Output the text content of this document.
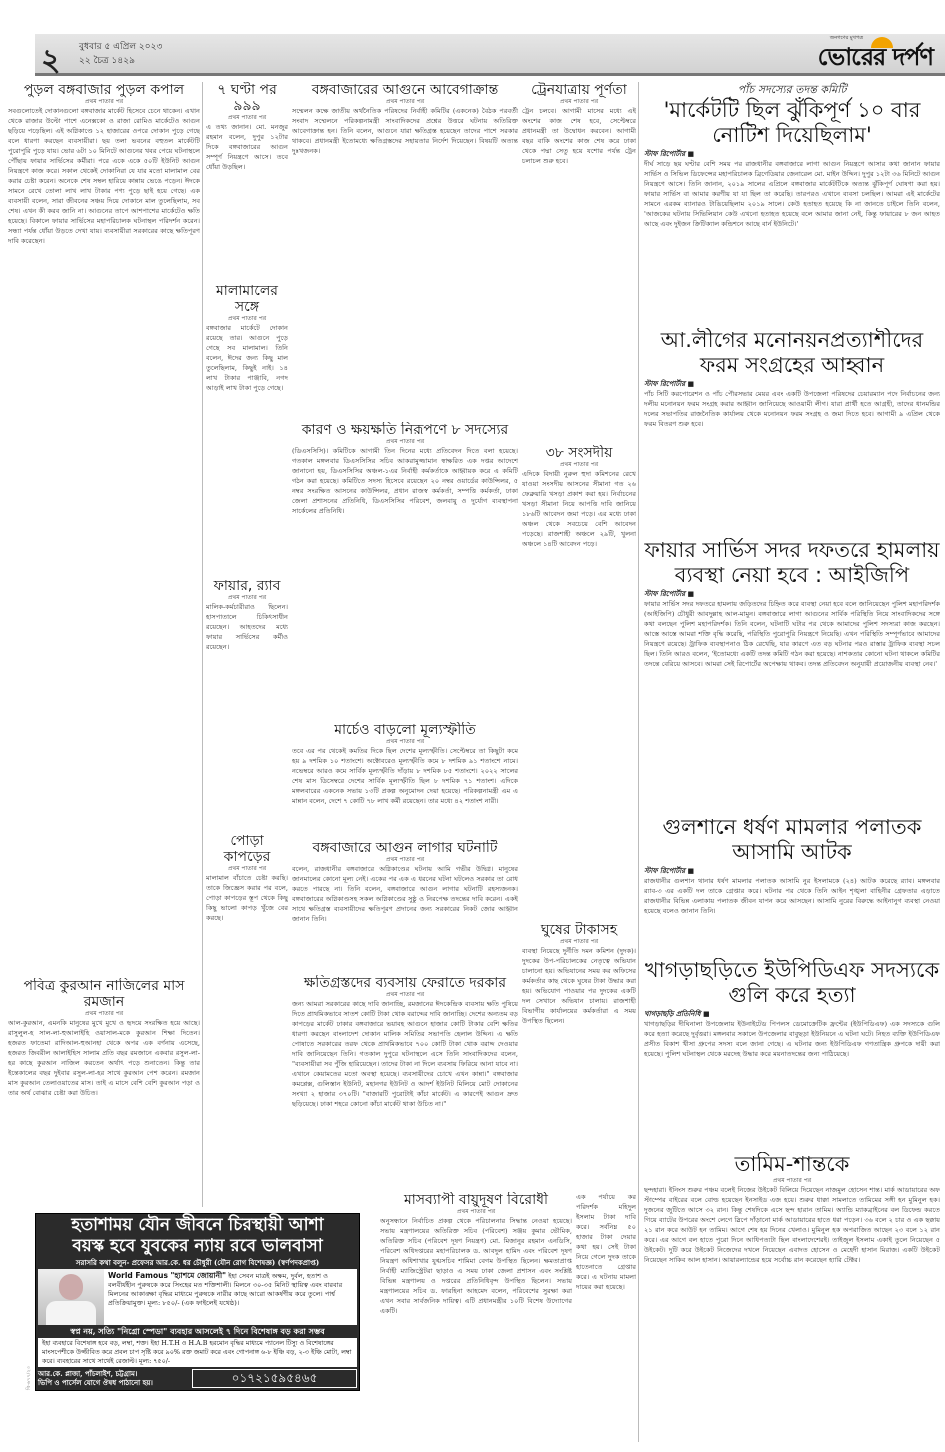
২ বুধবার ৫ এপ্রিল ২০২৩
২২ চৈত্র ১৪২৯
জনগণের মুখপত্র
ভোরের দর্পণ
পুড়ল বঙ্গবাজার পুড়ল কপাল
প্রথম পাতার পর

সবগুলোতেই দোকানগুলো বঙ্গবাজার মার্কেট হিসেবে চেনে থাকেন। এখান থেকে রাজার উল্টো পাশে এনেক্সকো ও রাজা রোমিও মার্কেটেও আগুন ছড়িয়ে পড়েছিল। এই অগ্নিকাণ্ডে ১২ হাজারের ওপরে দোকান পুড়ে গেছে বলে ধারণা করছেন ব্যবসায়ীরা। ছয় তলা ভবনের বহুতল মার্কেটটি পুরোপুরি পুড়ে যায়। ভোর ৬টা ১০ মিনিটে আগুনের খবর পেয়ে ঘটনাস্থলে পৌঁছায় ফায়ার সার্ভিসের কর্মীরা। পরে একে একে ৫০টি ইউনিট আগুন নিয়ন্ত্রণে কাজ করে। সকাল থেকেই দোকানিরা যে যার মতো মালামাল বের করার চেষ্টা করেন। অনেকে শেষ সম্বল হারিয়ে কান্নায় ভেঙে পড়েন। ঈদকে সামনে রেখে তোলা লাখ লাখ টাকার পণ্য পুড়ে ছাই হয়ে গেছে। এক ব্যবসায়ী বলেন, সারা জীবনের সঞ্চয় দিয়ে দোকানে মাল তুলেছিলাম, সব শেষ। এখন কী করব জানি না। আগুনের তাপে আশপাশের মার্কেটেও ক্ষতি হয়েছে। বিকালে ফায়ার সার্ভিসের মহাপরিচালক ঘটনাস্থল পরিদর্শন করেন। সন্ধ্যা পর্যন্ত ধোঁয়া উড়তে দেখা যায়। ব্যবসায়ীরা সরকারের কাছে ক্ষতিপূরণ দাবি করেছেন।

পবিত্র কুরআন নাজিলের মাস রমজান
প্রথম পাতার পর

আল-কুরআন, এমনকি মানুষের মুখে মুখে ও হৃদয়ে সংরক্ষিত হয়ে আছে। রাসুলুল-হ সাল-লা-হুআলাইহি ওয়াসাল-মকে কুরআন শিক্ষা দিতেন। হজরত ফাতেমা রাদিআল-হুআনহা থেকে অপর এক বর্ণনায় এসেছে, হজরত জিবরীল আলাইহিস সালাম প্রতি বছর রমজানে একবার রসুল-লা-হর কাছে কুরআন নাজিল করতেন অর্থাৎ পড়ে শুনাতেন। কিন্তু তার ইন্তেকালের বছর দুইবার রসুল-লা-হর সাথে কুরআন পেশ করেন। রমজান মাস কুরআন তেলাওয়াতের মাস। তাই এ মাসে বেশি বেশি কুরআন পড়া ও তার অর্থ বোঝার চেষ্টা করা উচিত।

৭ ঘণ্টা পর ৯৯৯
প্রথম পাতার পর

এ তথ্য জানান। মো. মনজুর রহমান বলেন, দুপুর ১২টার দিকে বঙ্গবাজারের আগুন সম্পূর্ণ নিয়ন্ত্রণে আসে। তবে ধোঁয়া উড়ছিল।

মালামালের সঙ্গে
প্রথম পাতার পর

বঙ্গবাজার মার্কেটে দোকান রয়েছে তার। আগুনে পুড়ে গেছে সব মালামাল। তিনি বলেন, ঈদের জন্য কিছু মাল তুলেছিলাম, কিছুই নাই। ১৪ লাখ টাকার পাঞ্জাবি, নগদ আড়াই লাখ টাকা পুড়ে গেছে।

ফায়ার, র‍্যাব
প্রথম পাতার পর

মালিক-কর্মচারীরাও ছিলেন। হাসপাতালে চিকিৎসাধীন রয়েছেন। আহতদের মধ্যে ফায়ার সার্ভিসের কর্মীও রয়েছেন।

পোড়া কাপড়ের
প্রথম পাতার পর

মালামাল বাঁচাতে চেষ্টা করছি। তাকে জিজ্ঞেস করার পর বলে, পোড়া কাপড়ের স্তূপ থেকে কিছু কিছু ভালো কাপড় খুঁজে বের করছে।

বঙ্গবাজারের আগুনে আবেগাক্রান্ত
প্রথম পাতার পর

সম্মেলন কক্ষে জাতীয় অর্থনৈতিক পরিষদের নির্বাহী কমিটির (একনেক) বৈঠক পরবর্তী সংবাদ সম্মেলনে পরিকল্পনামন্ত্রী সাংবাদিকদের প্রশ্নের উত্তরে ঘটনায় অতিরিক্ত আবেগাক্রান্ত হন। তিনি বলেন, আগুনে যারা ক্ষতিগ্রস্ত হয়েছেন তাদের পাশে সরকার থাকবে। প্রধানমন্ত্রী ইতোমধ্যে ক্ষতিগ্রস্তদের সহায়তার নির্দেশ দিয়েছেন। বিষয়টি অত্যন্ত দুঃখজনক।

ট্রেনযাত্রায় পূর্ণতা
প্রথম পাতার পর

ট্রেন চলবে। আগামী মাসের মধ্যে এই অংশের কাজ শেষ হবে, সেপ্টেম্বরে প্রধানমন্ত্রী তা উদ্বোধন করবেন। আগামী বছর বাকি অংশের কাজ শেষ করে ঢাকা থেকে পদ্মা সেতু হয়ে যশোর পর্যন্ত ট্রেন চলাচল শুরু হবে।

কারণ ও ক্ষয়ক্ষতি নিরূপণে ৮ সদস্যের
প্রথম পাতার পর

(ডিএসসিসি)। কমিটিকে আগামী তিন দিনের মধ্যে প্রতিবেদন দিতে বলা হয়েছে। গতকাল মঙ্গলবার ডিএসসিসির সচিব আকরামুজ্জামান স্বাক্ষরিত এক দপ্তর আদেশে জানানো হয়, ডিএসসিসির অঞ্চল-১এর নির্বাহী কর্মকর্তাকে আহ্বায়ক করে এ কমিটি গঠন করা হয়েছে। কমিটিতে সদস্য হিসেবে রয়েছেন ২০ নম্বর ওয়ার্ডের কাউন্সিলর, ৫ নম্বর সংরক্ষিত আসনের কাউন্সিলর, প্রধান রাজস্ব কর্মকর্তা, সম্পত্তি কর্মকর্তা, ঢাকা জেলা প্রশাসনের প্রতিনিধি, ডিএসসিসির পরিবেশ, জলবায়ু ও দুর্যোগ ব্যবস্থাপনা সার্কেলের প্রতিনিধি।

৩৮ সংসদীয়
প্রথম পাতার পর

এদিকে বিদায়ী নুরুল হুদা কমিশনের রেখে যাওয়া সংসদীয় আসনের সীমানা গত ২৬ ফেব্রুয়ারি খসড়া প্রকাশ করা হয়। নির্বাচনের খসড়া সীমানা নিয়ে আপত্তি দাবি জানিয়ে ১৮৬টি আবেদন জমা পড়ে। এর মধ্যে ঢাকা অঞ্চল থেকে সবচেয়ে বেশি আবেদন পড়েছে। রাজশাহী অঞ্চলে ২৯টি, খুলনা অঞ্চলে ১৪টি আবেদন পড়ে।

মার্চেও বাড়লো মূল্যস্ফীতি
প্রথম পাতার পর

তবে এর পর থেকেই কমতির দিকে ছিল দেশের মূল্যস্ফীতি। সেপ্টেম্বরে তা কিছুটা কমে হয় ৯ দশমিক ১০ শতাংশে। অক্টোবরেও মূল্যস্ফীতি কমে ৮ দশমিক ৯১ শতাংশে নামে। নভেম্বরে আরও কমে সার্বিক মূল্যস্ফীতি দাঁড়ায় ৮ দশমিক ৮৫ শতাংশে। ২০২২ সালের শেষ মাস ডিসেম্বরে দেশের সার্বিক মূল্যস্ফীতি ছিল ৮ দশমিক ৭১ শতাংশ। এদিকে মঙ্গলবারের একনেক সভায় ১৩টি প্রকল্প অনুমোদন দেয়া হয়েছে। পরিকল্পনামন্ত্রী এম এ মান্নান বলেন, দেশে ৭ কোটি ৭৮ লাখ কর্মী রয়েছেন। তার মধ্যে ৪২ শতাংশ নারী।

বঙ্গবাজারে আগুন লাগার ঘটনাটি
প্রথম পাতার পর

বলেন, রাজধানীর বঙ্গবাজারে অগ্নিকাণ্ডের ঘটনায় আমি গভীর উদ্বিগ্ন। মানুষের জানমালের কোনো মূল্য নেই। একের পর এক এ ধরনের ঘটনা ঘটলেও সরকার তা রোধ করতে পারছে না। তিনি বলেন, বঙ্গবাজারে আগুন লাগার ঘটনাটি রহস্যজনক। বঙ্গবাজারের অগ্নিকাণ্ডসহ সকল অগ্নিকাণ্ডের সুষ্ঠু ও নিরপেক্ষ তদন্তের দাবি করেন। একই সাথে ক্ষতিগ্রস্ত ব্যবসায়ীদের ক্ষতিপূরণ প্রদানের জন্য সরকারের নিকট জোর আহ্বান জানান তিনি।

ঘুষের টাকাসহ
প্রথম পাতার পর

ব্যবস্থা নিয়েছে দুর্নীতি দমন কমিশন (দুদক)। দুদকের উপ-পরিচালকের নেতৃত্বে অভিযান চালানো হয়। অভিযানের সময় কর অফিসের কর্মকর্তার কাছ থেকে ঘুষের টাকা উদ্ধার করা হয়। অভিযোগ পাওয়ার পর দুদকের একটি দল সেখানে অভিযান চালায়। রাজশাহী বিভাগীয় কার্যালয়ের কর্মকর্তারা এ সময় উপস্থিত ছিলেন।

এক পর্যায়ে কর পরিদর্শক মহিদুল ইসলাম টাকা দাবি করে। সর্বনিম্ন ৫০ হাজার টাকা দেয়ার কথা হয়। সেই টাকা নিয়ে গেলে দুদক তাকে হাতেনাতে গ্রেপ্তার করে। এ ঘটনায় মামলা দায়ের করা হয়েছে।

ক্ষতিগ্রস্তদের ব্যবসায় ফেরাতে দরকার
প্রথম পাতার পর

জন্য আমরা সরকারের কাছে দাবি জানাচ্ছি, রমজানের ঈদকেন্দ্রিক ব্যবসায় ক্ষতি পুষিয়ে দিতে প্রাথমিকভাবে সাতশ কোটি টাকা থোক বরাদ্দের দাবি জানাচ্ছি। দেশের অন্যতম বড় কাপড়ের মার্কেট ঢাকার বঙ্গবাজারে ভয়াবহ আগুনে হাজার কোটি টাকার বেশি ক্ষতির ধারণা করছেন বাংলাদেশ দোকান মালিক সমিতির সভাপতি হেলাল উদ্দিন। এ ক্ষতি পোষাতে সরকারের তরফ থেকে প্রাথমিকভাবে ৭০০ কোটি টাকা থোক বরাদ্দ দেওয়ার দাবি জানিয়েছেন তিনি। গতকাল দুপুরে ঘটনাস্থলে এসে তিনি সাংবাদিকদের বলেন, "ব্যবসায়ীরা সব পুঁজি হারিয়েছেন। তাদের টাকা না দিলে ব্যবসায় ফিরিয়ে আনা যাবে না। এখানে কেয়ামতের মতো অবস্থা হয়েছে। ব্যবসায়ীদের চোখে এখন কান্না।" বঙ্গবাজার কমপ্লেক্স, গুলিস্তান ইউনিট, মহানগর ইউনিট ও আদর্শ ইউনিট মিলিয়ে মোট দোকানের সংখ্যা ২ হাজার ৩৭০টি। "বাজারটি পুরোটাই কাঁচা মার্কেট। এ কারণেই আগুন দ্রুত ছড়িয়েছে। ঢাকা শহরে কোনো কাঁচা মার্কেট থাকা উচিত না।"

মাসব্যাপী বায়ুদূষণ বিরোধী
প্রথম পাতার পর

অনুসন্ধানে নির্বাচিত প্রকল্প থেকে পরিচালনার সিদ্ধান্ত নেওয়া হয়েছে। সভায় মন্ত্রণালয়ের অতিরিক্ত সচিব (পরিবেশ) সঞ্জয় কুমার ভৌমিক, অতিরিক্ত সচিব (পরিবেশ দূষণ নিয়ন্ত্রণ) মো. মিজানুর রহমান এনডিসি, পরিবেশ অধিদপ্তরের মহাপরিচালক ড. আবদুল হামিদ এবং পরিবেশ দূষণ নিয়ন্ত্রণ অধিশাখার যুগ্মসচিব শামিমা বেগম উপস্থিত ছিলেন। ক্ষমতাপ্রাপ্ত নির্বাহী ম্যাজিস্ট্রেটরা ছাড়াও এ সময় ঢাকা জেলা প্রশাসন এবং সংশ্লিষ্ট বিভিন্ন মন্ত্রণালয় ও দপ্তরের প্রতিনিধিবৃন্দ উপস্থিত ছিলেন। সভায় মন্ত্রণালয়ের সচিব ড. ফারহিনা আহমেদ বলেন, পরিবেশের সুরক্ষা করা এখন সবার সার্বজনিক দায়িত্ব। এটি প্রধানমন্ত্রীর ১০টি বিশেষ উদ্যোগের একটি।

পাঁচ সদস্যের তদন্ত কমিটি
'মার্কেটটি ছিল ঝুঁকিপূর্ণ ১০ বার নোটিশ দিয়েছিলাম'
স্টাফ রিপোর্টার ■

দীর্ঘ সাড়ে ছয় ঘণ্টার বেশি সময় পর রাজধানীর বঙ্গবাজারে লাগা আগুন নিয়ন্ত্রণে আসার কথা জানান ফায়ার সার্ভিস ও সিভিল ডিফেন্সের মহাপরিচালক ব্রিগেডিয়ার জেনারেল মো. মাইন উদ্দিন। দুপুর ১২টা ৩৬ মিনিটে আগুন নিয়ন্ত্রণে আসে। তিনি জানান, ২০১৯ সালের এপ্রিলে বঙ্গবাজার মার্কেটটিকে অত্যন্ত ঝুঁকিপূর্ণ ঘোষণা করা হয়। ফায়ার সার্ভিস বা আমার করণীয় যা যা ছিল তা করেছি। তারপরও এখানে ব্যবসা চলছিল। আমরা এই মার্কেটের সামনে এরকম ব্যানারও টাঙিয়েছিলাম ২০১৯ সালে। কেউ হতাহত হয়েছে কি না জানতে চাইলে তিনি বলেন, 'আজকের ঘটনায় সিভিলিয়ান কেউ এখনো হতাহত হয়েছে বলে আমার জানা নেই, কিন্তু ফায়ারের ৮ জন আহত আছে এবং দুইজন ক্রিটিক্যাল কন্ডিশনে আছে বার্ন ইউনিটে।'

আ.লীগের মনোনয়নপ্রত্যাশীদের ফরম সংগ্রহের আহ্বান
স্টাফ রিপোর্টার ■

পাঁচ সিটি করপোরেশন ও পাঁচ পৌরসভার মেয়র এবং একটি উপজেলা পরিষদের চেয়ারম্যান পদে নির্বাচনের জন্য দলীয় মনোনয়ন ফরম সংগ্রহ করার আহ্বান জানিয়েছে আওয়ামী লীগ। যারা প্রার্থী হতে আগ্রহী, তাদের ধানমন্ডির দলের সভাপতির রাজনৈতিক কার্যালয় থেকে মনোনয়ন ফরম সংগ্রহ ও জমা দিতে হবে। আগামী ৯ এপ্রিল থেকে ফরম বিতরণ শুরু হবে।

ফায়ার সার্ভিস সদর দফতরে হামলায় ব্যবস্থা নেয়া হবে : আইজিপি
স্টাফ রিপোর্টার ■

ফায়ার সার্ভিস সদর দফতরে হামলায় জড়িতদের চিহ্নিত করে ব্যবস্থা নেয়া হবে বলে জানিয়েছেন পুলিশ মহাপরিদর্শক (আইজিপি) চৌধুরী আবদুল্লাহ আল-মামুন। বঙ্গবাজারে লাগা আগুনের সার্বিক পরিস্থিতি নিয়ে সাংবাদিকদের সঙ্গে কথা বলছেন পুলিশ মহাপরিদর্শক। তিনি বলেন, ঘটনাটি ঘটার পর থেকে আমাদের পুলিশ সদস্যরা কাজ করছেন। আস্তে আস্তে আমরা শক্তি বৃদ্ধি করেছি, পরিস্থিতি পুরোপুরি নিয়ন্ত্রণে নিয়েছি। এখন পরিস্থিতি সম্পূর্ণভাবে আমাদের নিয়ন্ত্রণে রয়েছে। ট্রাফিক ব্যবস্থাপনাও ঠিক রেখেছি, যার কারণে এত বড় ঘটনার পরও রাস্তার ট্রাফিক ব্যবস্থা সচল ছিল। তিনি আরও বলেন, 'ইতোমধ্যে একটি তদন্ত কমিটি গঠন করা হয়েছে। নাশকতার কোনো ঘটনা থাকলে কমিটির তদন্তে বেরিয়ে আসবে। আমরা সেই রিপোর্টের অপেক্ষায় থাকব। তদন্ত প্রতিবেদন অনুযায়ী প্রয়োজনীয় ব্যবস্থা নেব।'

গুলশানে ধর্ষণ মামলার পলাতক আসামি আটক
স্টাফ রিপোর্টার ■

রাজধানীর গুলশান থানার ধর্ষণ মামলার পলাতক আসামি নুর ইসলামকে (২৪) আটক করেছে র‍্যাব। মঙ্গলবার র‍্যাব-৩ এর একটি দল তাকে গ্রেপ্তার করে। ঘটনার পর থেকে তিনি আইন শৃঙ্খলা বাহিনীর গ্রেফতার এড়াতে রাজধানীর বিভিন্ন এলাকায় পলাতক জীবন যাপন করে আসছেন। আসামি নুরের বিরুদ্ধে আইনানুগ ব্যবস্থা নেওয়া হয়েছে বলেও জানান তিনি।

খাগড়াছড়িতে ইউপিডিএফ সদস্যকে গুলি করে হত্যা
খাগড়াছড়ি প্রতিনিধি ■

খাগড়াছড়ির দীঘিনালা উপজেলায় ইউনাইটেড পিপলস ডেমোক্রেটিক ফ্রন্টের (ইউপিডিএফ) এক সদস্যকে গুলি করে হত্যা করেছে দুর্বৃত্তরা। মঙ্গলবার সকালে উপজেলার বাবুছড়া ইউনিয়নে এ ঘটনা ঘটে। নিহত ব্যক্তি ইউপিডিএফ প্রসীত বিকাশ খীসা গ্রুপের সদস্য বলে জানা গেছে। এ ঘটনার জন্য ইউপিডিএফ গণতান্ত্রিক গ্রুপকে দায়ী করা হয়েছে। পুলিশ ঘটনাস্থল থেকে মরদেহ উদ্ধার করে ময়নাতদন্তের জন্য পাঠিয়েছে।

তামিম-শান্তকে
প্রথম পাতার পর

ছন্দহারা। ইনিংস শুরুর পঞ্চম বলেই নিজের উইকেট বিলিয়ে দিয়েছেন নাজমুল হোসেন শান্ত। মার্ক আডায়ারের অফ স্টাম্পের বাইরের বলে বোল্ড হয়েছেন ইনসাইড এজ হয়ে। শুরুর ধাক্কা সামলাতে তামিমের সঙ্গী হন মুমিনুল হক। দুজনের জুটিতে আসে ৩২ রান। কিন্তু শেষদিকে এসে ছন্দ হারান তামিম। অ্যান্ডি ম্যাকব্রাইনের বল ডিফেন্ড করতে গিয়ে ব্যাটের উপরের অংশে লেগে স্লিপে দাঁড়ানো মার্ক আডায়ারের হাতে ধরা পড়েন। ৩৬ বলে ২ চার ও এক ছক্কায় ২১ রান করে আউট হন তামিম। আগে শেষ হয় দিনের খেলাও। মুমিনুল হক অপরাজিত আছেন ২৩ বলে ১২ রান করে। এর আগে বল হাতে পুরো দিনে আধিপত্যটা ছিল বাংলাদেশেরই। তাইজুল ইসলাম একাই তুলে নিয়েছেন ৫ উইকেট। দুটি করে উইকেট নিজেদের দখলে নিয়েছেন এবাদত হোসেন ও মেহেদী হাসান মিরাজ। একটি উইকেট নিয়েছেন সাকিব আল হাসান। আয়ারল্যান্ডের হয়ে সর্বোচ্চ রান করেছেন হ্যারি টেক্টর।

হতাশাময় যৌন জীবনে চিরস্থায়ী আশা
বয়স্ক হবে যুবকের ন্যায় রবে ভালবাসা
সরাসরি কথা বলুন- প্রফেসর আর.কে. ধর চৌধুরী (যৌন রোগ বিশেষজ্ঞ) (স্বর্ণপদকপ্রাপ্ত)
World Famous "হ্যাশমে জোয়ানী" ইহা সেবন মাত্রই অক্ষম, দুর্বল, হতাশ ও বলবীর্যহীন পুরুষকে করে সিংহের মত শক্তিশালী। মিলনে ৩০-৩৫ মিনিট স্থায়িত্ব এবং বারবার মিলনের আকাঙ্ক্ষা বৃদ্ধির মাধ্যমে পুরুষকে নারীর কাছে আরো আকর্ষণীয় করে তুলে। পার্শ্ব প্রতিক্রিয়ামুক্ত। মূল্য: ৮৫০/- (এক ফাইলেই যথেষ্ঠ)।
স্বপ্ন নয়, সত্যি "নিগ্রো স্পেডা" ব্যবহার আসলেই ৭ দিনে বিশেষাঙ্গ বড় করা সম্ভব
ইহা ব্যবহারে বিশেষাঙ্গ হবে বড়, লম্বা, শক্ত। ইহা H.T.H ও H.A.B হরমোন বৃদ্ধির মাধ্যমে প্যানেল টিস্যু ও বিশেষাঙ্গের মাংসপেশীকে উজ্জীবিত করে প্রবল চাপ সৃষ্টি করে ৯০% রক্ত জমাট করে এবং গোপনাঙ্গ ৬-৮ ইঞ্চি বড়, ২-৩ ইঞ্চি মোটা, লম্বা করে। ব্যবহারের সাথে সাথেই রেজাল্ট। মূল্য: ৭৫০/-
আর.কে. প্লাজা, পাঁচলাইশ, চট্টগ্রাম।
ভিপি ও পার্সেল যোগে ঔষধ পাঠানো হয়।	০১৭২১৫৯৫৪৬৫
বি-৬৭৭/২৩
